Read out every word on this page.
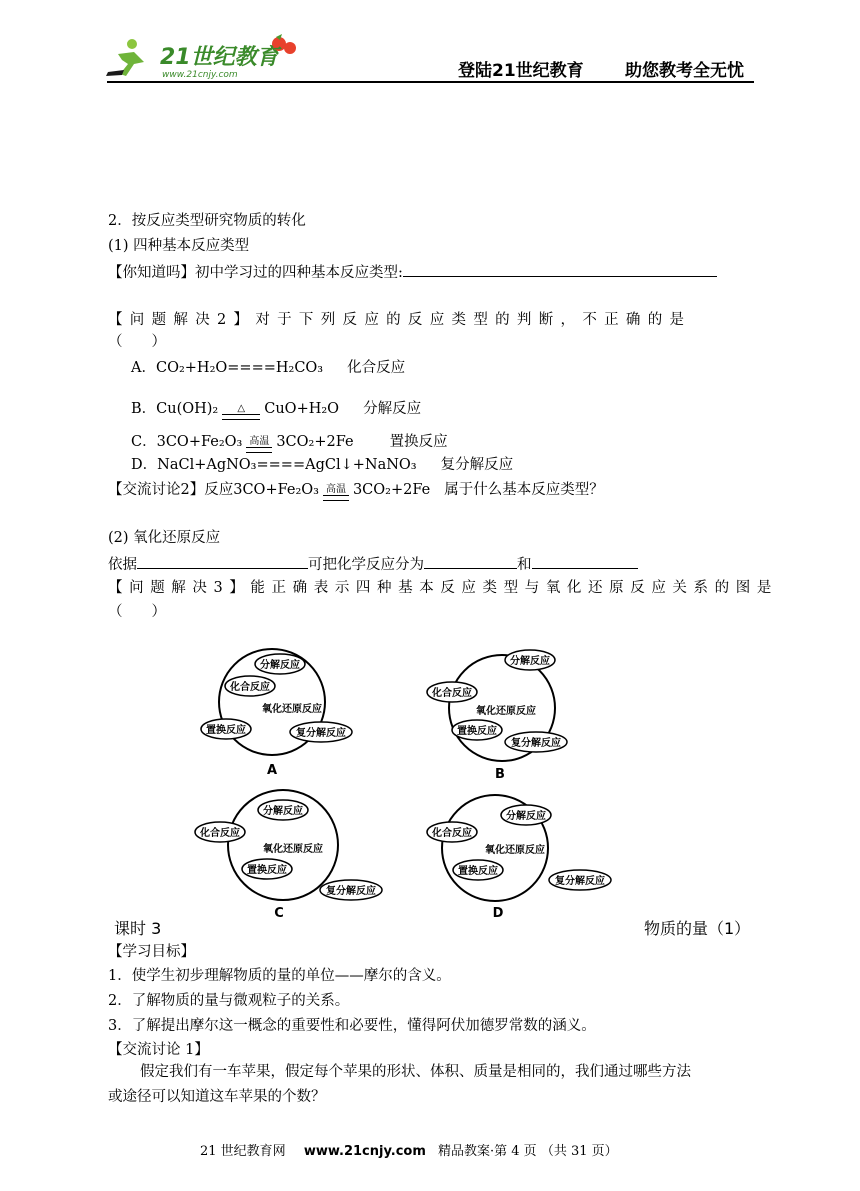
21世纪教育
www.21cnjy.com	登陆21世纪教育 助您教考全无忧
2．按反应类型研究物质的转化
(1) 四种基本反应类型
【你知道吗】初中学习过的四种基本反应类型:
【问题解决2】对于下列反应的反应类型的判断，不正确的是
（　　）
A．CO₂+H₂O====H₂CO₃ 化合反应
B．Cu(OH)₂	△	CuO+H₂O 分解反应
C．3CO+Fe₂O₃ 高温 3CO₂+2Fe 置换反应
D．NaCl+AgNO₃====AgCl↓+NaNO₃ 复分解反应
【交流讨论2】反应3CO+Fe₂O₃ 高温 3CO₂+2Fe 属于什么基本反应类型？
(2) 氧化还原反应
依据	可把化学反应分为	和
【问题解决3】能正确表示四种基本反应类型与氧化还原反应关系的图是
（　　）
分解反应
化合反应
氧化还原反应
置换反应	复分解反应
A
分解反应
化合反应
氧化还原反应
置换反应
复分解反应
B
分解反应
化合反应
氧化还原反应
置换反应
复分解反应
C
分解反应
化合反应
氧化还原反应
置换反应
复分解反应
D
课时 3	物质的量（1）
【学习目标】
1．使学生初步理解物质的量的单位——摩尔的含义。
2．了解物质的量与微观粒子的关系。
3．了解提出摩尔这一概念的重要性和必要性，懂得阿伏加德罗常数的涵义。
【交流讨论 1】
假定我们有一车苹果，假定每个苹果的形状、体积、质量是相同的，我们通过哪些方法
或途径可以知道这车苹果的个数？
21 世纪教育网 www.21cnjy.com 精品教案·第 4 页 （共 31 页）
